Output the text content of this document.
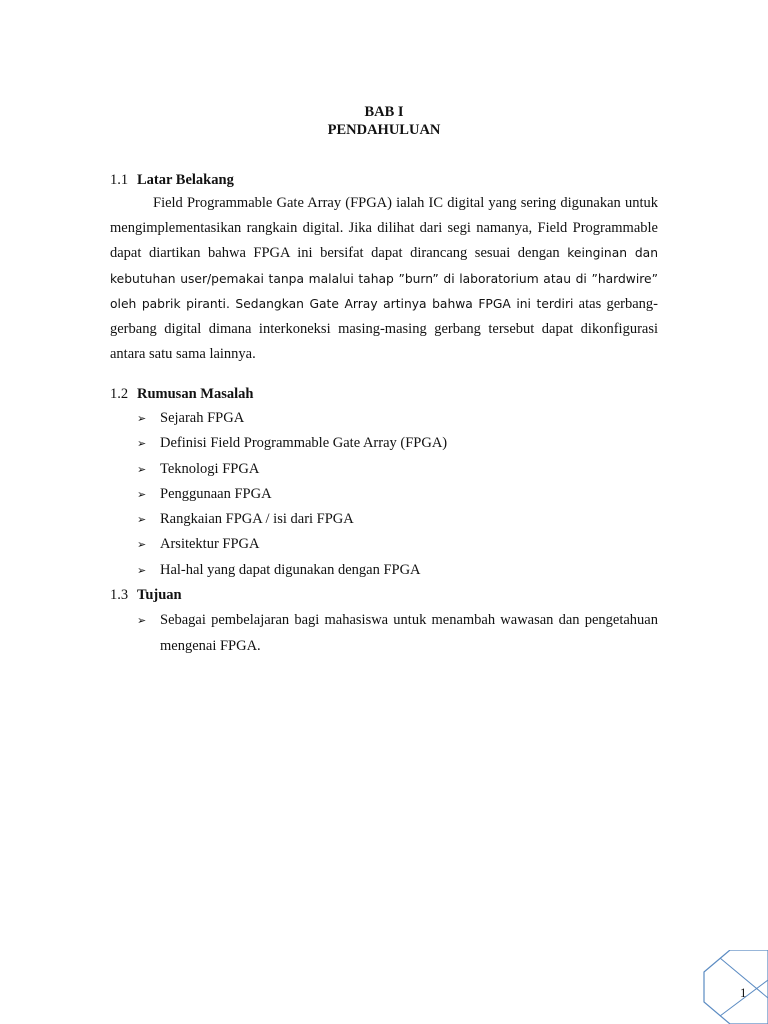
BAB I
PENDAHULUAN
1.1 Latar Belakang

Field Programmable Gate Array (FPGA) ialah IC digital yang sering digunakan untuk mengimplementasikan rangkain digital. Jika dilihat dari segi namanya, Field Programmable dapat diartikan bahwa FPGA ini bersifat dapat dirancang sesuai dengan keinginan dan kebutuhan user/pemakai tanpa malalui tahap ”burn” di laboratorium atau di ”hardwire” oleh pabrik piranti. Sedangkan Gate Array artinya bahwa FPGA ini terdiri atas gerbang-gerbang digital dimana interkoneksi masing-masing gerbang tersebut dapat dikonfigurasi antara satu sama lainnya.

1.2 Rumusan Masalah
➢ Sejarah FPGA
➢ Definisi Field Programmable Gate Array (FPGA)
➢ Teknologi FPGA
➢ Penggunaan FPGA
➢ Rangkaian FPGA / isi dari FPGA
➢ Arsitektur FPGA
➢ Hal-hal yang dapat digunakan dengan FPGA
1.3 Tujuan
➢ Sebagai pembelajaran bagi mahasiswa untuk menambah wawasan dan pengetahuan mengenai FPGA.
1
